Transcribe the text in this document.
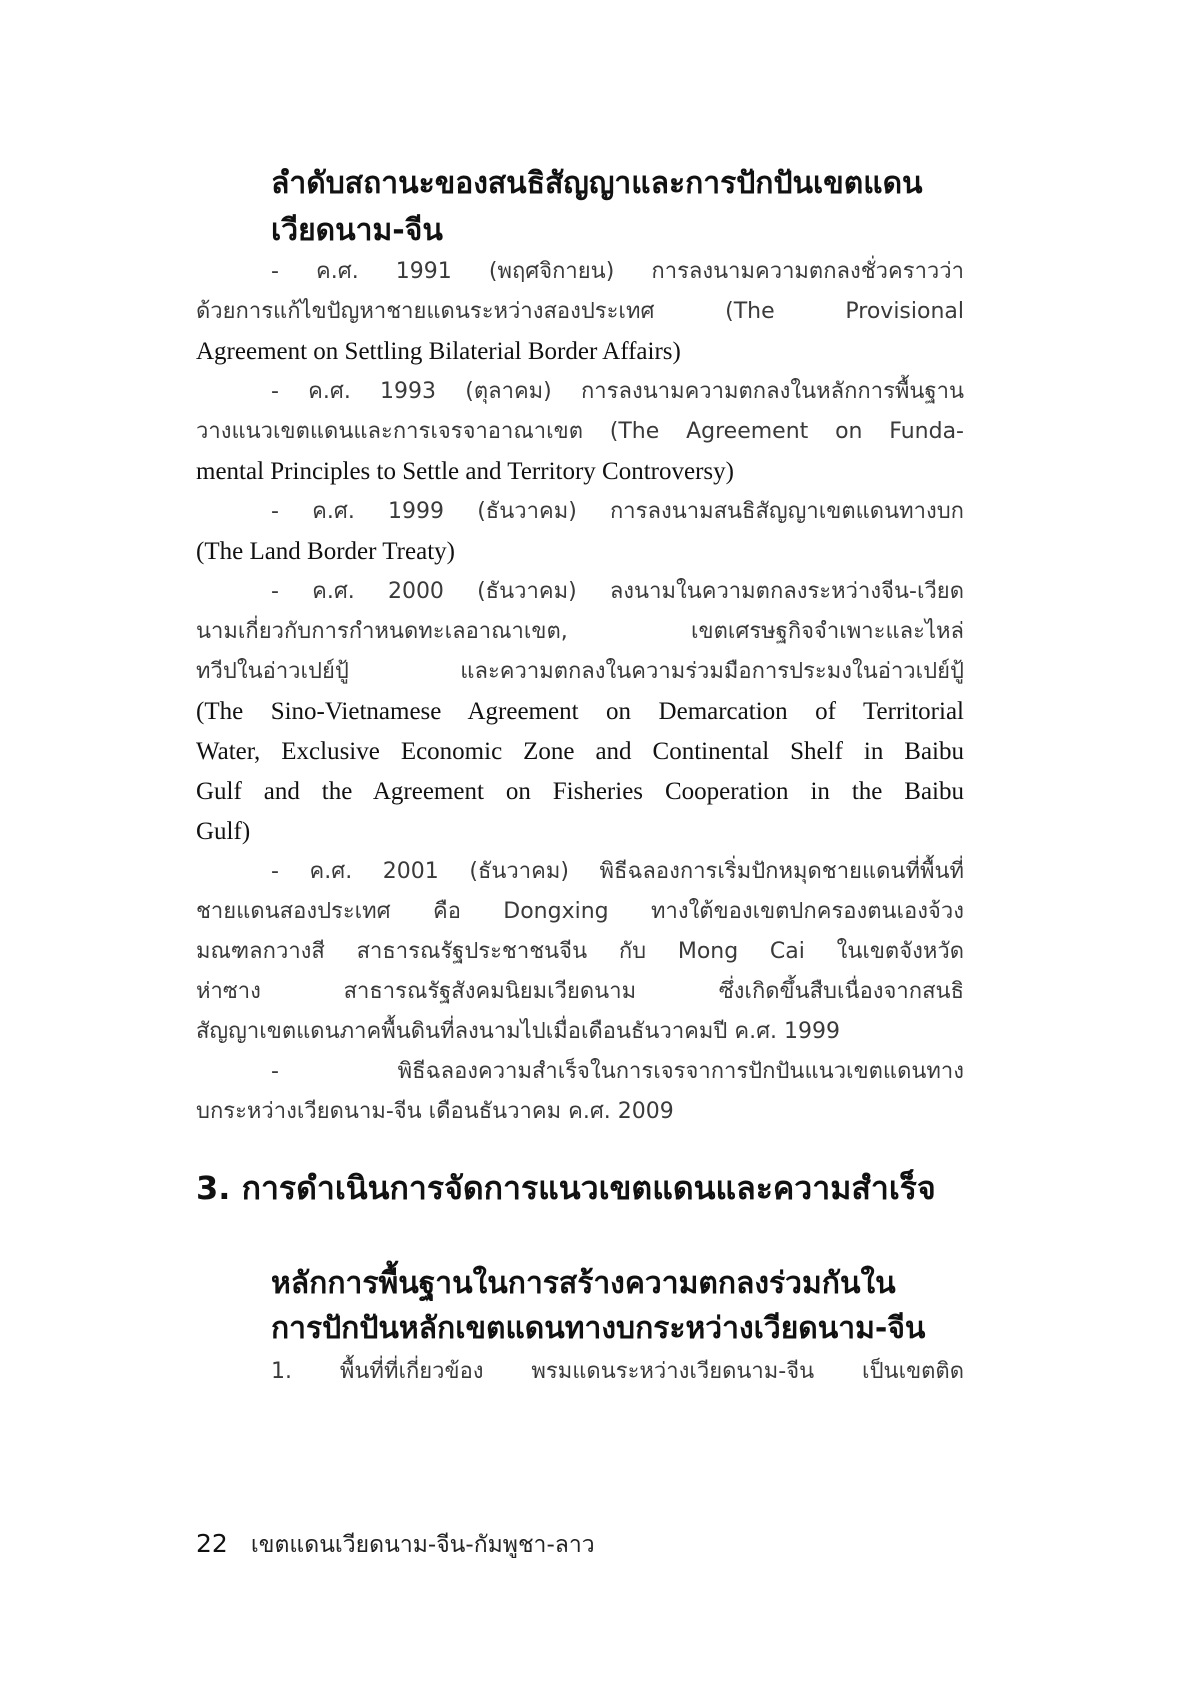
ลำดับสถานะของสนธิสัญญาและการปักปันเขตแดน
เวียดนาม-จีน
- ค.ศ. 1991 (พฤศจิกายน) การลงนามความตกลงชั่วคราวว่า
ด้วยการแก้ไขปัญหาชายแดนระหว่างสองประเทศ (The Provisional
Agreement on Settling Bilaterial Border Affairs)
- ค.ศ. 1993 (ตุลาคม) การลงนามความตกลงในหลักการพื้นฐาน
วางแนวเขตแดนและการเจรจาอาณาเขต (The Agreement on Funda-
mental Principles to Settle and Territory Controversy)
- ค.ศ. 1999 (ธันวาคม) การลงนามสนธิสัญญาเขตแดนทางบก
(The Land Border Treaty)
- ค.ศ. 2000 (ธันวาคม) ลงนามในความตกลงระหว่างจีน-เวียด
นามเกี่ยวกับการกำหนดทะเลอาณาเขต, เขตเศรษฐกิจจำเพาะและไหล่
ทวีปในอ่าวเปย์ปู้ และความตกลงในความร่วมมือการประมงในอ่าวเปย์ปู้
(The Sino-Vietnamese Agreement on Demarcation of Territorial
Water, Exclusive Economic Zone and Continental Shelf in Baibu
Gulf and the Agreement on Fisheries Cooperation in the Baibu
Gulf)
- ค.ศ. 2001 (ธันวาคม) พิธีฉลองการเริ่มปักหมุดชายแดนที่พื้นที่
ชายแดนสองประเทศ คือ Dongxing ทางใต้ของเขตปกครองตนเองจ้วง
มณฑลกวางสี สาธารณรัฐประชาชนจีน กับ Mong Cai ในเขตจังหวัด
ห่าซาง สาธารณรัฐสังคมนิยมเวียดนาม ซึ่งเกิดขึ้นสืบเนื่องจากสนธิ
สัญญาเขตแดนภาคพื้นดินที่ลงนามไปเมื่อเดือนธันวาคมปี ค.ศ. 1999
- พิธีฉลองความสำเร็จในการเจรจาการปักปันแนวเขตแดนทาง
บกระหว่างเวียดนาม-จีน เดือนธันวาคม ค.ศ. 2009
3. การดำเนินการจัดการแนวเขตแดนและความสำเร็จ
หลักการพื้นฐานในการสร้างความตกลงร่วมกันใน
การปักปันหลักเขตแดนทางบกระหว่างเวียดนาม-จีน
1. พื้นที่ที่เกี่ยวข้อง พรมแดนระหว่างเวียดนาม-จีน เป็นเขตติด
22 เขตแดนเวียดนาม-จีน-กัมพูชา-ลาว
